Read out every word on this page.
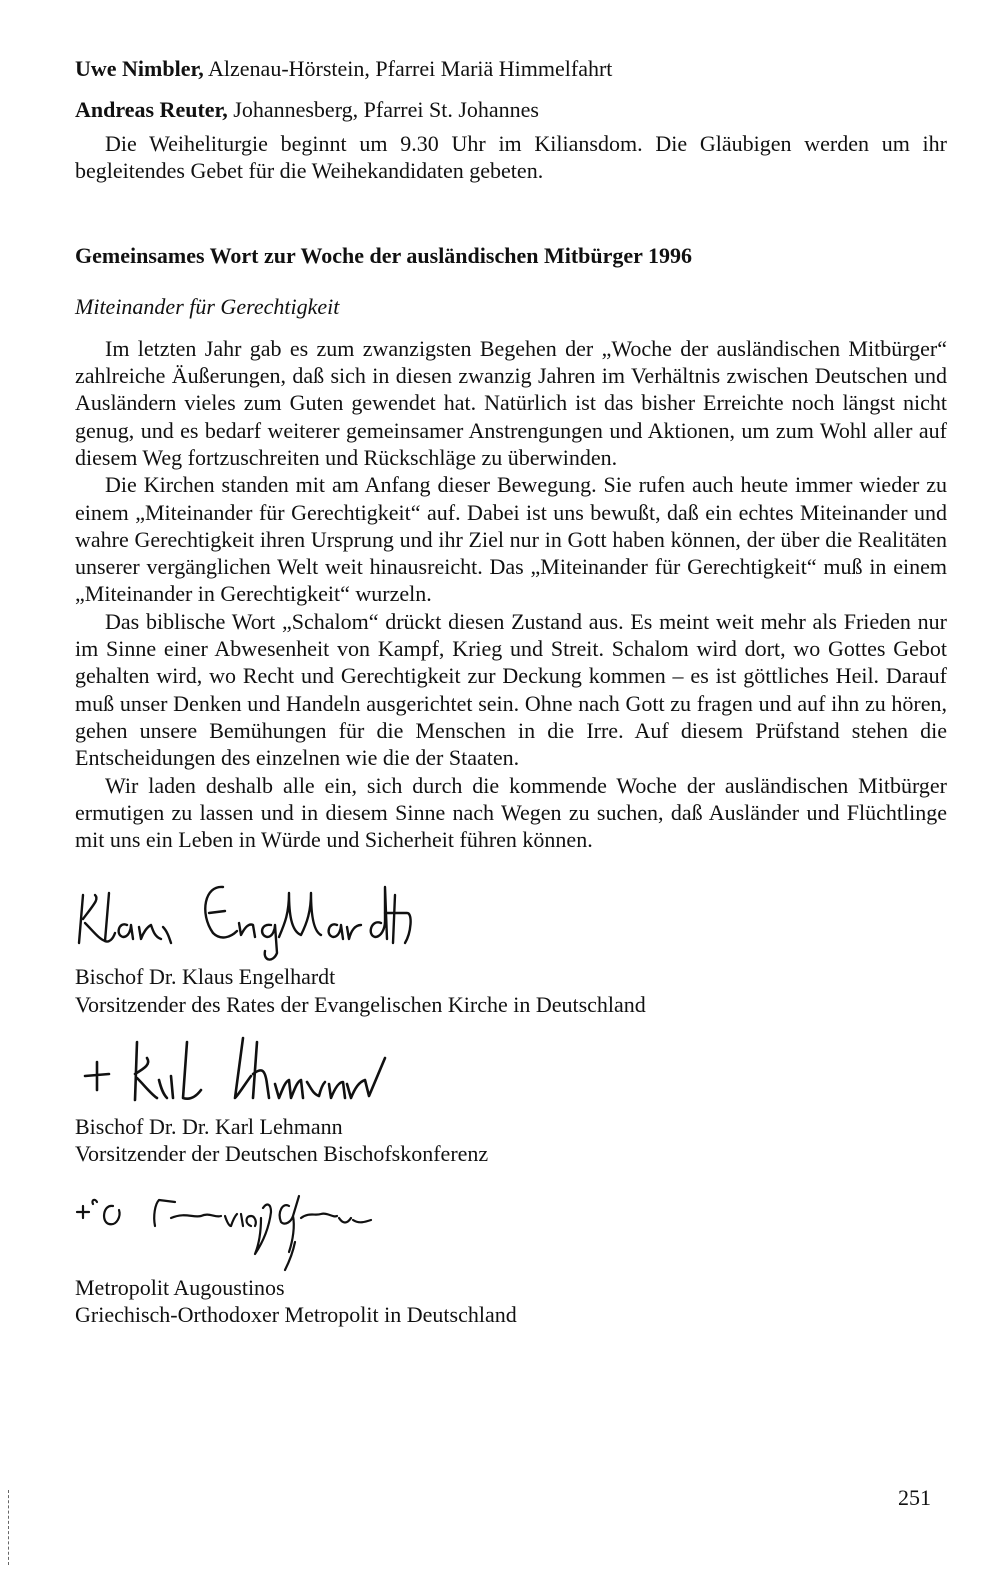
Uwe Nimbler, Alzenau-Hörstein, Pfarrei Mariä Himmelfahrt

Andreas Reuter, Johannesberg, Pfarrei St. Johannes

Die Weiheliturgie beginnt um 9.30 Uhr im Kiliansdom. Die Gläubigen werden um ihr begleitendes Gebet für die Weihekandidaten gebeten.

Gemeinsames Wort zur Woche der ausländischen Mitbürger 1996

Miteinander für Gerechtigkeit

Im letzten Jahr gab es zum zwanzigsten Begehen der „Woche der ausländischen Mitbürger“ zahlreiche Äußerungen, daß sich in diesen zwanzig Jahren im Verhältnis zwischen Deutschen und Ausländern vieles zum Guten gewendet hat. Natürlich ist das bisher Erreichte noch längst nicht genug, und es bedarf weiterer gemeinsamer Anstrengungen und Aktionen, um zum Wohl aller auf diesem Weg fortzuschreiten und Rückschläge zu überwinden.

Die Kirchen standen mit am Anfang dieser Bewegung. Sie rufen auch heute immer wieder zu einem „Miteinander für Gerechtigkeit“ auf. Dabei ist uns bewußt, daß ein echtes Miteinander und wahre Gerechtigkeit ihren Ursprung und ihr Ziel nur in Gott haben können, der über die Realitäten unserer vergänglichen Welt weit hinausreicht. Das „Miteinander für Gerechtigkeit“ muß in einem „Miteinander in Gerechtigkeit“ wurzeln.

Das biblische Wort „Schalom“ drückt diesen Zustand aus. Es meint weit mehr als Frieden nur im Sinne einer Abwesenheit von Kampf, Krieg und Streit. Schalom wird dort, wo Gottes Gebot gehalten wird, wo Recht und Gerechtigkeit zur Deckung kommen – es ist göttliches Heil. Darauf muß unser Denken und Handeln ausgerichtet sein. Ohne nach Gott zu fragen und auf ihn zu hören, gehen unsere Bemühungen für die Menschen in die Irre. Auf diesem Prüfstand stehen die Entscheidungen des einzelnen wie die der Staaten.

Wir laden deshalb alle ein, sich durch die kommende Woche der ausländischen Mitbürger ermutigen zu lassen und in diesem Sinne nach Wegen zu suchen, daß Ausländer und Flüchtlinge mit uns ein Leben in Würde und Sicherheit führen können.

Bischof Dr. Klaus Engelhardt

Vorsitzender des Rates der Evangelischen Kirche in Deutschland

Bischof Dr. Dr. Karl Lehmann

Vorsitzender der Deutschen Bischofskonferenz

Metropolit Augoustinos

Griechisch-Orthodoxer Metropolit in Deutschland

251
